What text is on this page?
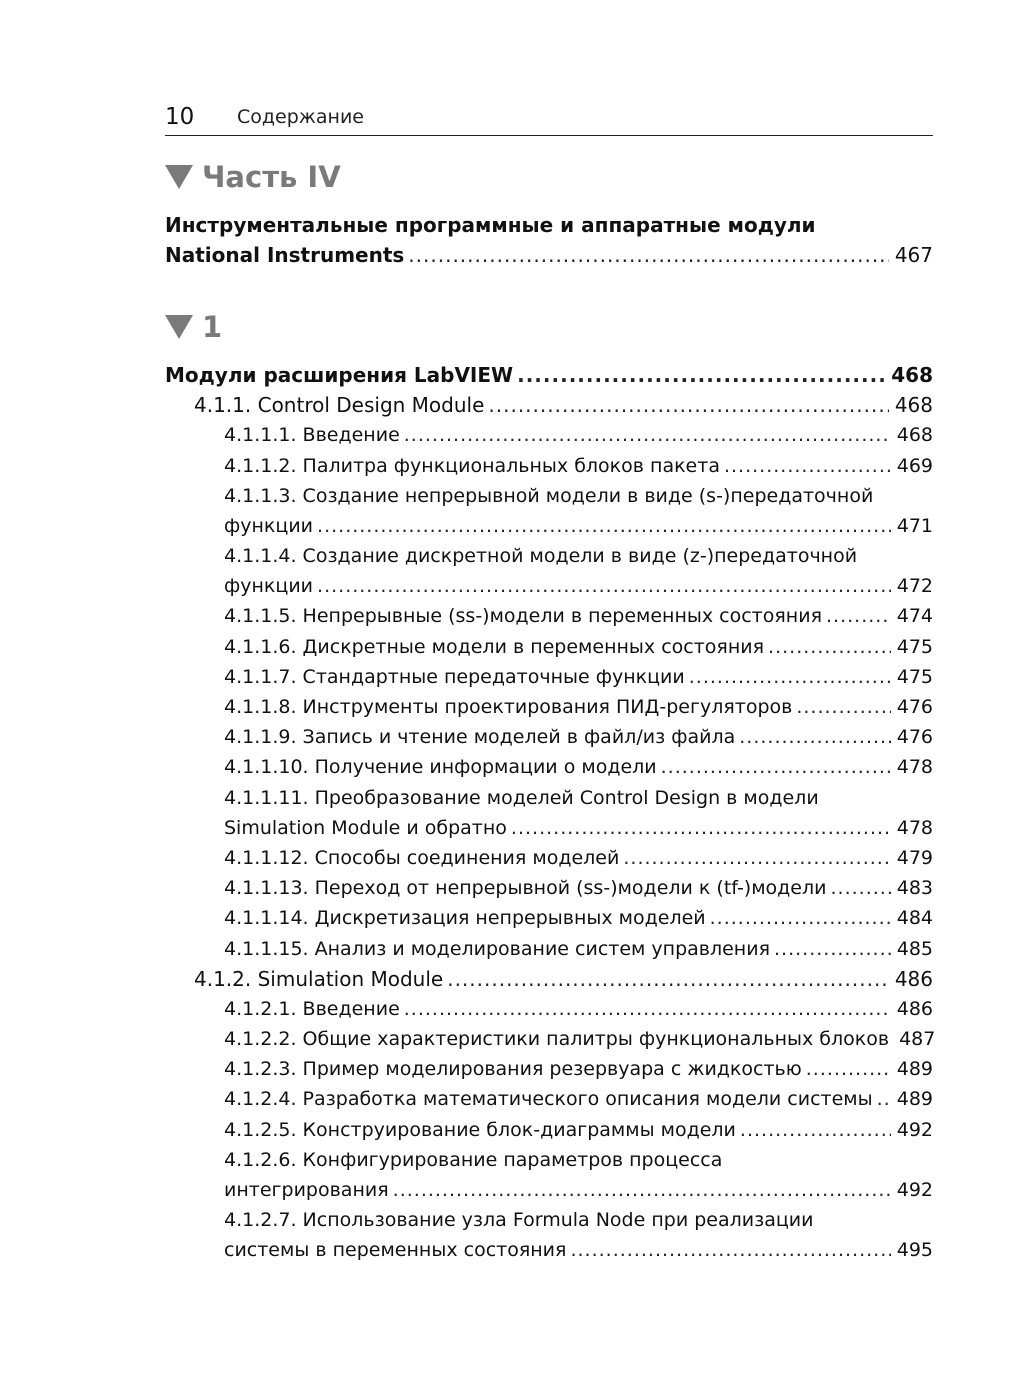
10 Содержание
Часть IV
Инструментальные программные и аппаратные модули
National Instruments .....	467
1
Модули расширения LabVIEW .....	468
4.1.1. Control Design Module .....	468
4.1.1.1. Введение .....	468
4.1.1.2. Палитра функциональных блоков пакета .....	469
4.1.1.3. Создание непрерывной модели в виде (s-)передаточной
функции .....	471
4.1.1.4. Создание дискретной модели в виде (z-)передаточной
функции .....	472
4.1.1.5. Непрерывные (ss-)модели в переменных состояния .....	474
4.1.1.6. Дискретные модели в переменных состояния .....	475
4.1.1.7. Стандартные передаточные функции .....	475
4.1.1.8. Инструменты проектирования ПИД-регуляторов .....	476
4.1.1.9. Запись и чтение моделей в файл/из файла .....	476
4.1.1.10. Получение информации о модели .....	478
4.1.1.11. Преобразование моделей Control Design в модели
Simulation Module и обратно .....	478
4.1.1.12. Способы соединения моделей .....	479
4.1.1.13. Переход от непрерывной (ss-)модели к (tf-)модели .....	483
4.1.1.14. Дискретизация непрерывных моделей .....	484
4.1.1.15. Анализ и моделирование систем управления .....	485
4.1.2. Simulation Module .....	486
4.1.2.1. Введение .....	486
4.1.2.2. Общие характеристики палитры функциональных блоков 487
4.1.2.3. Пример моделирования резервуара с жидкостью .....	489
4.1.2.4. Разработка математического описания модели системы ..... 489
4.1.2.5. Конструирование блок-диаграммы модели .....	492
4.1.2.6. Конфигурирование параметров процесса
интегрирования .....	492
4.1.2.7. Использование узла Formula Node при реализации
системы в переменных состояния .....	495
